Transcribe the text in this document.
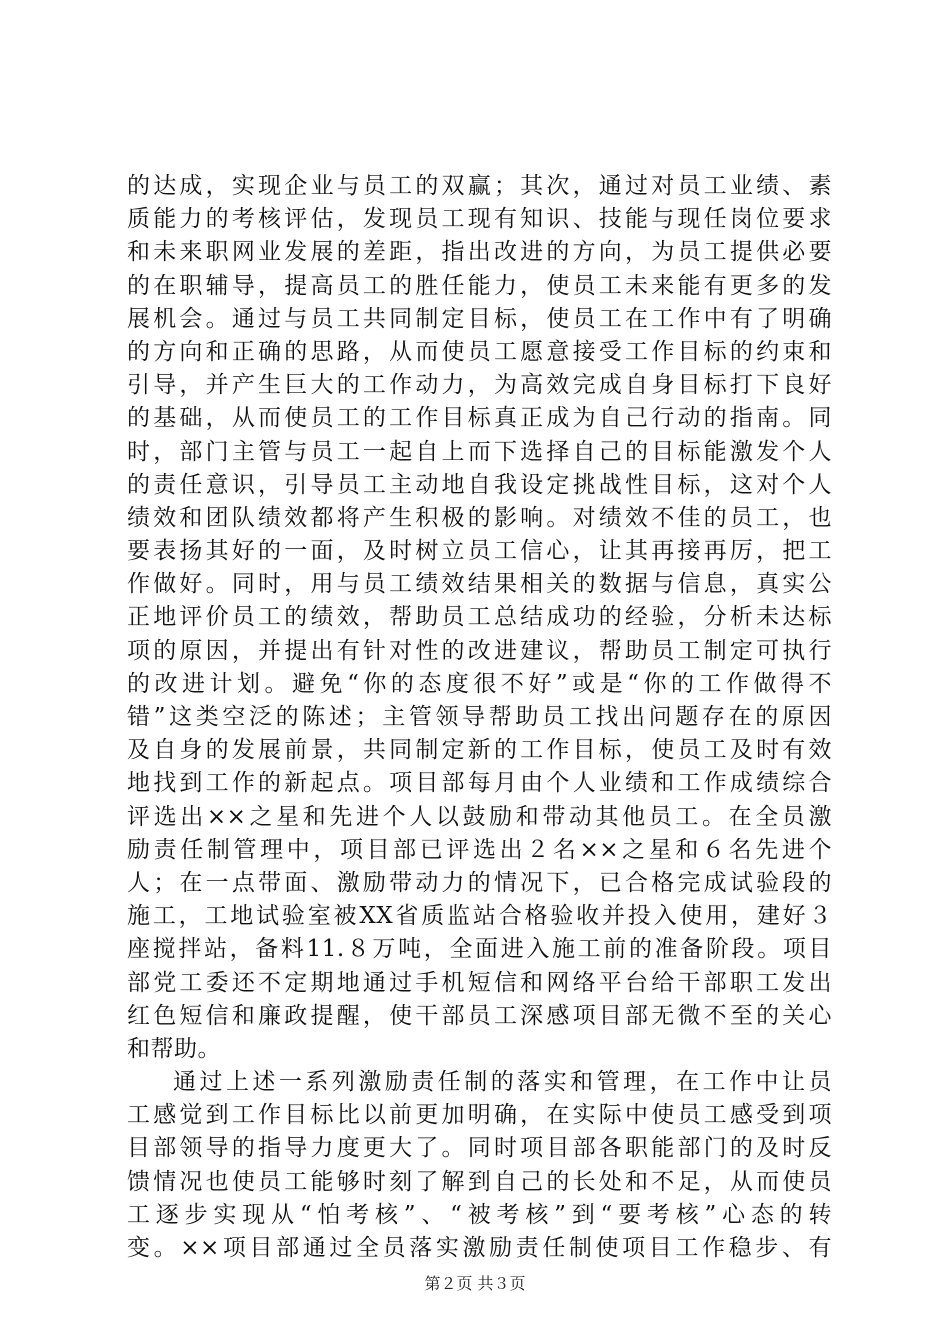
的达成，实现企业与员工的双赢；其次，通过对员工业绩、素
质能力的考核评估，发现员工现有知识、技能与现任岗位要求
和未来职网业发展的差距，指出改进的方向，为员工提供必要
的在职辅导，提高员工的胜任能力，使员工未来能有更多的发
展机会。通过与员工共同制定目标，使员工在工作中有了明确
的方向和正确的思路，从而使员工愿意接受工作目标的约束和
引导，并产生巨大的工作动力，为高效完成自身目标打下良好
的基础，从而使员工的工作目标真正成为自己行动的指南。同
时，部门主管与员工一起自上而下选择自己的目标能激发个人
的责任意识，引导员工主动地自我设定挑战性目标，这对个人
绩效和团队绩效都将产生积极的影响。对绩效不佳的员工，也
要表扬其好的一面，及时树立员工信心，让其再接再厉，把工
作做好。同时，用与员工绩效结果相关的数据与信息，真实公
正地评价员工的绩效，帮助员工总结成功的经验，分析未达标
项的原因，并提出有针对性的改进建议，帮助员工制定可执行
的改进计划。避免“你的态度很不好”或是“你的工作做得不
错”这类空泛的陈述；主管领导帮助员工找出问题存在的原因
及自身的发展前景，共同制定新的工作目标，使员工及时有效
地找到工作的新起点。项目部每月由个人业绩和工作成绩综合
评选出××之星和先进个人以鼓励和带动其他员工。在全员激
励责任制管理中，项目部已评选出２名××之星和６名先进个
人；在一点带面、激励带动力的情况下，已合格完成试验段的
施工，工地试验室被XX省质监站合格验收并投入使用，建好３
座搅拌站，备料11.８万吨，全面进入施工前的准备阶段。项目
部党工委还不定期地通过手机短信和网络平台给干部职工发出
红色短信和廉政提醒，使干部员工深感项目部无微不至的关心
和帮助。
通过上述一系列激励责任制的落实和管理，在工作中让员
工感觉到工作目标比以前更加明确，在实际中使员工感受到项
目部领导的指导力度更大了。同时项目部各职能部门的及时反
馈情况也使员工能够时刻了解到自己的长处和不足，从而使员
工逐步实现从“怕考核”、“被考核”到“要考核”心态的转
变。××项目部通过全员落实激励责任制使项目工作稳步、有
第２页 共３页
